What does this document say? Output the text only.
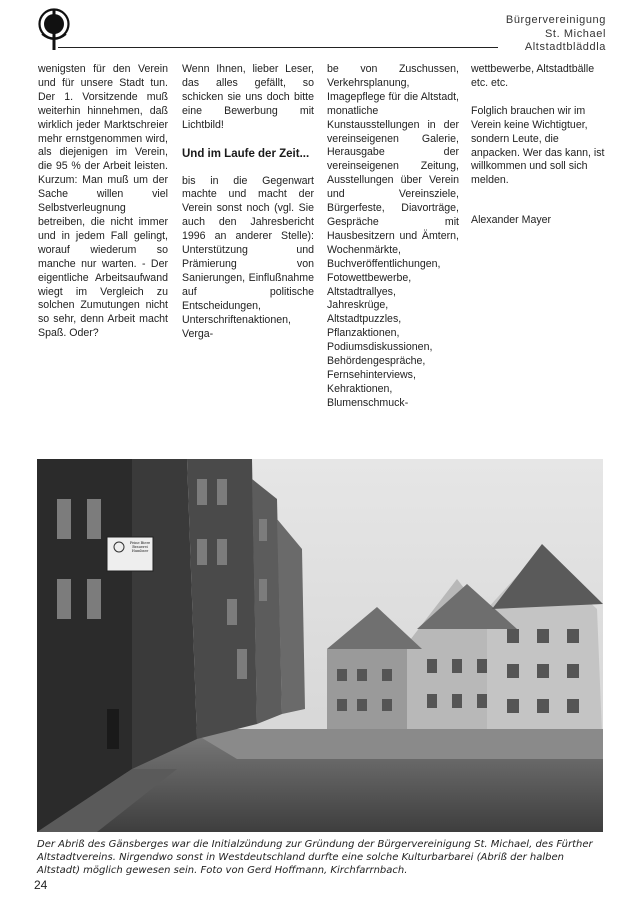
Bürgervereinigung
St. Michael
Altstadtbläddla

wenigsten für den Verein und für unsere Stadt tun. Der 1. Vorsitzende muß weiterhin hinnehmen, daß wirklich jeder Marktschreier mehr ernstgenommen wird, als diejenigen im Verein, die 95 % der Arbeit leisten. Kurzum: Man muß um der Sache willen viel Selbstverleugnung betreiben, die nicht immer und in jedem Fall gelingt, worauf wiederum so manche nur warten. - Der eigentliche Arbeitsaufwand wiegt im Vergleich zu solchen Zumutungen nicht so sehr, denn Arbeit macht Spaß. Oder?

Wenn Ihnen, lieber Leser, das alles gefällt, so schicken sie uns doch bitte eine Bewerbung mit Lichtbild!

Und im Laufe der Zeit...

bis in die Gegenwart machte und macht der Verein sonst noch (vgl. Sie auch den Jahresbericht 1996 an anderer Stelle): Unterstützung und Prämierung von Sanierungen, Einflußnahme auf politische Entscheidungen, Unterschriftenaktionen, Verga-

be von Zuschussen, Verkehrsplanung, Imagepflege für die Altstadt, monatliche Kunstausstellungen in der vereinseigenen Galerie, Herausgabe der vereinseigenen Zeitung, Ausstellungen über Verein und Vereinsziele, Bürgerfeste, Diavorträge, Gespräche mit Hausbesitzern und Ämtern, Wochenmärkte, Buchveröffentlichungen, Fotowettbewerbe, Altstadtrallyes, Jahreskrüge, Altstadtpuzzles, Pflanzaktionen, Podiumsdiskussionen, Behördengespräche, Fernsehinterviews, Kehraktionen, Blumenschmuck-

wettbewerbe, Altstadtbälle etc. etc.

Folglich brauchen wir im Verein keine Wichtigtuer, sondern Leute, die anpacken. Wer das kann, ist willkommen und soll sich melden.

Alexander Mayer

Feine Biere
Brauerei Humbser
Der Abriß des Gänsberges war die Initialzündung zur Gründung der Bürgervereinigung St. Michael, des Fürther Altstadtvereins. Nirgendwo sonst in Westdeutschland durfte eine solche Kulturbarbarei (Abriß der halben Altstadt) möglich gewesen sein. Foto von Gerd Hoffmann, Kirchfarrnbach.
24
